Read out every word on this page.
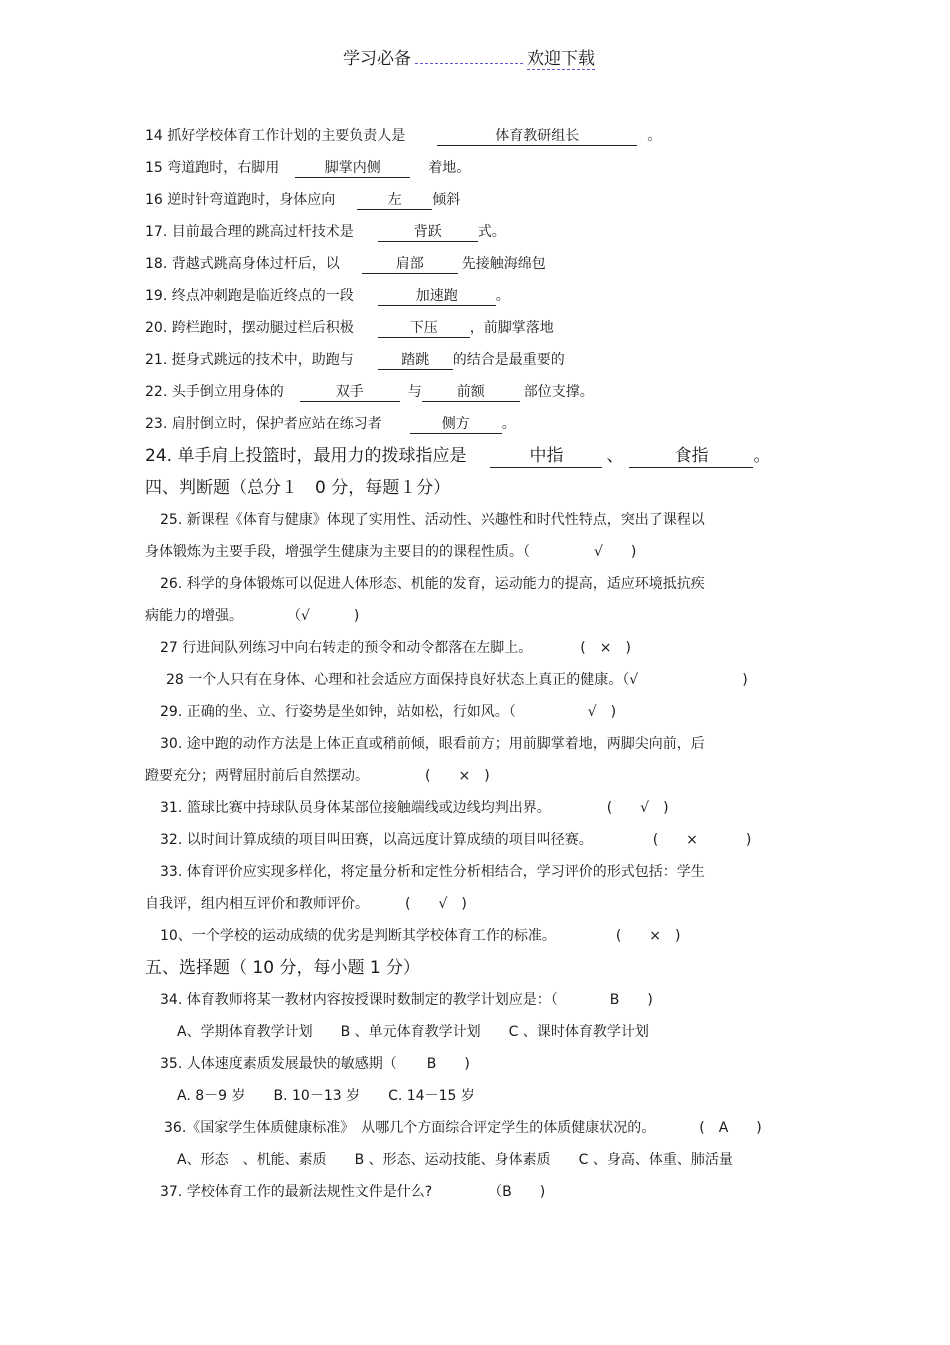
学习必备	欢迎下载
14 抓好学校体育工作计划的主要负责人是	体育教研组长	。
15 弯道跑时，右脚用	脚掌内侧	着地。
16 逆时针弯道跑时，身体应向	左 倾斜
17. 目前最合理的跳高过杆技术是	背跃	式。
18. 背越式跳高身体过杆后，以	肩部	先接触海绵包
19. 终点冲刺跑是临近终点的一段	加速跑	。
20. 跨栏跑时，摆动腿过栏后积极	下压 ，前脚掌落地
21. 挺身式跳远的技术中，助跑与	踏跳 的结合是最重要的
22. 头手倒立用身体的	双手	与	前额	部位支撑。
23. 肩肘倒立时，保护者应站在练习者	侧方 。
24. 单手肩上投篮时，最用力的拨球指应是	中指	、	食指	。
四、判断题（总分１　0 分，每题１分）
25. 新课程《体育与健康》体现了实用性、活动性、兴趣性和时代性特点，突出了课程以
身体锻炼为主要手段，增强学生健康为主要目的的课程性质。（	√ )
26. 科学的身体锻炼可以促进人体形态、机能的发育，运动能力的提高，适应环境抵抗疾
病能力的增强。	（√	)
27 行进间队列练习中向右转走的预令和动令都落在左脚上。	(　×　)
28 一个人只有在身体、心理和社会适应方面保持良好状态上真正的健康。（√	)
29. 正确的坐、立、行姿势是坐如钟，站如松，行如风。（	√ )
30. 途中跑的动作方法是上体正直或稍前倾，眼看前方；用前脚掌着地，两脚尖向前，后
蹬要充分；两臂屈肘前后自然摆动。	(　　×　)
31. 篮球比赛中持球队员身体某部位接触端线或边线均判出界。	(　　√　)
32. 以时间计算成绩的项目叫田赛，以高远度计算成绩的项目叫径赛。	(　　×	)
33. 体育评价应实现多样化，将定量分析和定性分析相结合，学习评价的形式包括：学生
自我评，组内相互评价和教师评价。	(　　√　)
10、一个学校的运动成绩的优劣是判断其学校体育工作的标准。	(　　×　)
五、选择题（ 10 分，每小题 1 分）
34. 体育教师将某一教材内容按授课时数制定的教学计划应是：（	B　　)
A、学期体育教学计划　　B 、单元体育教学计划　　C 、课时体育教学计划
35. 人体速度素质发展最快的敏感期（ B　　)
A. 8－9 岁　　B. 10－13 岁　　C. 14－15 岁
36.《国家学生体质健康标准》　从哪几个方面综合评定学生的体质健康状况的。	(　A　　)
A、形态　、机能、素质　　B 、形态、运动技能、身体素质　　C 、身高、体重、肺活量
37. 学校体育工作的最新法规性文件是什么?	（B　　)
